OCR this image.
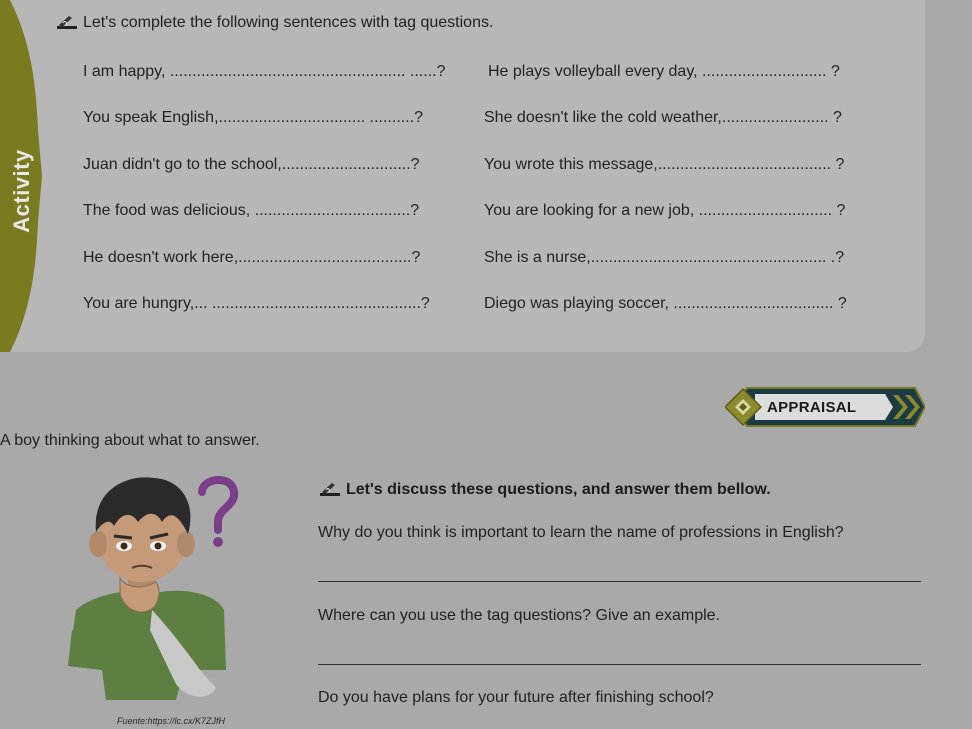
Activity
Let's complete the following sentences with tag questions.
I am happy, ..................................................... ......?
You speak English,................................. ..........?
Juan didn't go to the school,.............................?
The food was delicious, ...................................?
He doesn't work here,.......................................?
You are hungry,... ...............................................?
He plays volleyball every day, ............................ ?
She doesn't like the cold weather,........................ ?
You wrote this message,....................................... ?
You are looking for a new job, .............................. ?
She is a nurse,..................................................... .?
Diego was playing soccer, .................................... ?
APPRAISAL
A boy thinking about what to answer.
Fuente:https://lc.cx/K7ZJfH
Let's discuss these questions, and answer them bellow.
Why do you think is important to learn the name of professions in English?
Where can you use the tag questions? Give an example.
Do you have plans for your future after finishing school?
